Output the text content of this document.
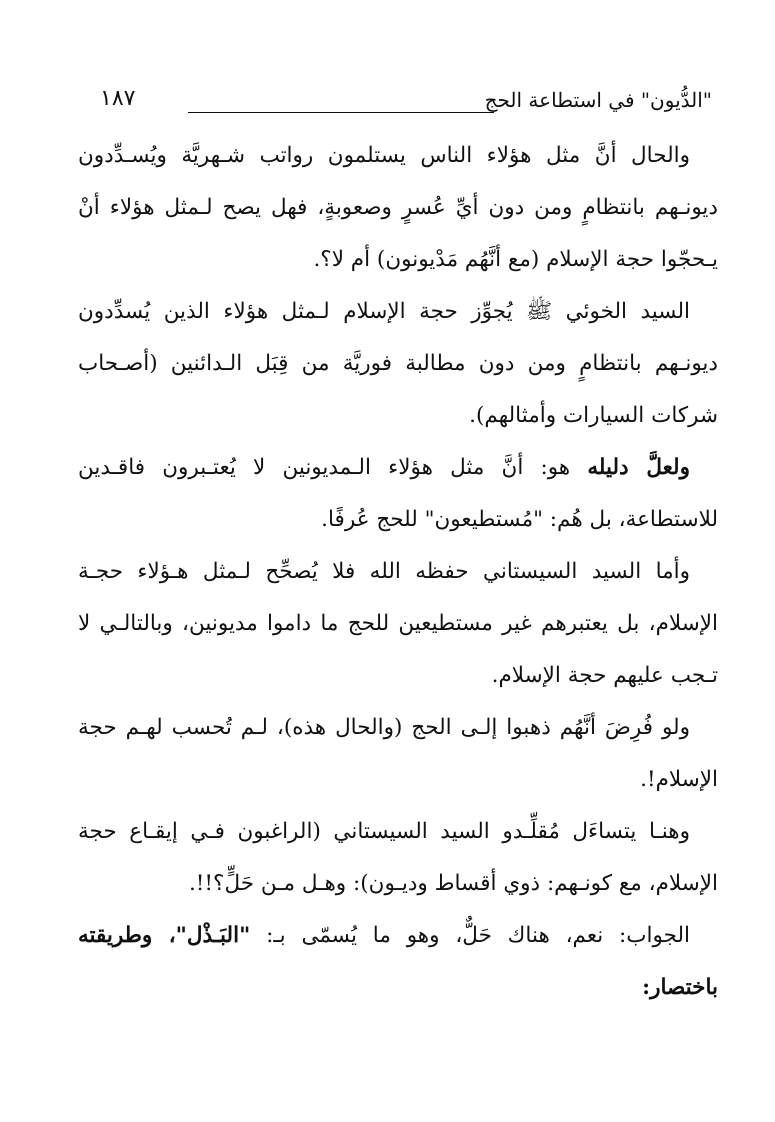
"الدُّيون" في استطاعة الحج
١٨٧

والحال أنَّ مثل هؤلاء الناس يستلمون رواتب شـهريَّة ويُسـدِّدون ديونـهم بانتظامٍ ومن دون أيِّ عُسرٍ وصعوبةٍ، فهل يصح لـمثل هؤلاء أنْ يـحجّوا حجة الإسلام (مع أنَّهُم مَدْيونون) أم لا؟.

السيد الخوئي ﷺ يُجوِّز حجة الإسلام لـمثل هؤلاء الذين يُسدِّدون ديونـهم بانتظامٍ ومن دون مطالبة فوريَّة من قِبَل الـدائنين (أصـحاب شركات السيارات وأمثالهم).

ولعلَّ دليله هو: أنَّ مثل هؤلاء الـمديونين لا يُعتـبرون فاقـدين للاستطاعة، بل هُم: "مُستطيعون" للحج عُرفًا.

وأما السيد السيستاني حفظه الله فلا يُصحِّح لـمثل هـؤلاء حجـة الإسلام، بل يعتبرهم غير مستطيعين للحج ما داموا مديونين، وبالتالـي لا تـجب عليهم حجة الإسلام.

ولو فُرِضَ أنَّهُم ذهبوا إلـى الحج (والحال هذه)، لـم تُحسب لهـم حجة الإسلام!.

وهنـا يتساءَل مُقلِّـدو السيد السيستاني (الراغبون فـي إيقـاع حجة الإسلام، مع كونـهم: ذوي أقساط وديـون): وهـل مـن حَلٍّ؟!!.

الجواب: نعم، هناك حَلٌّ، وهو ما يُسمّى بـ: "البَـذْل"، وطريقته باختصار:
